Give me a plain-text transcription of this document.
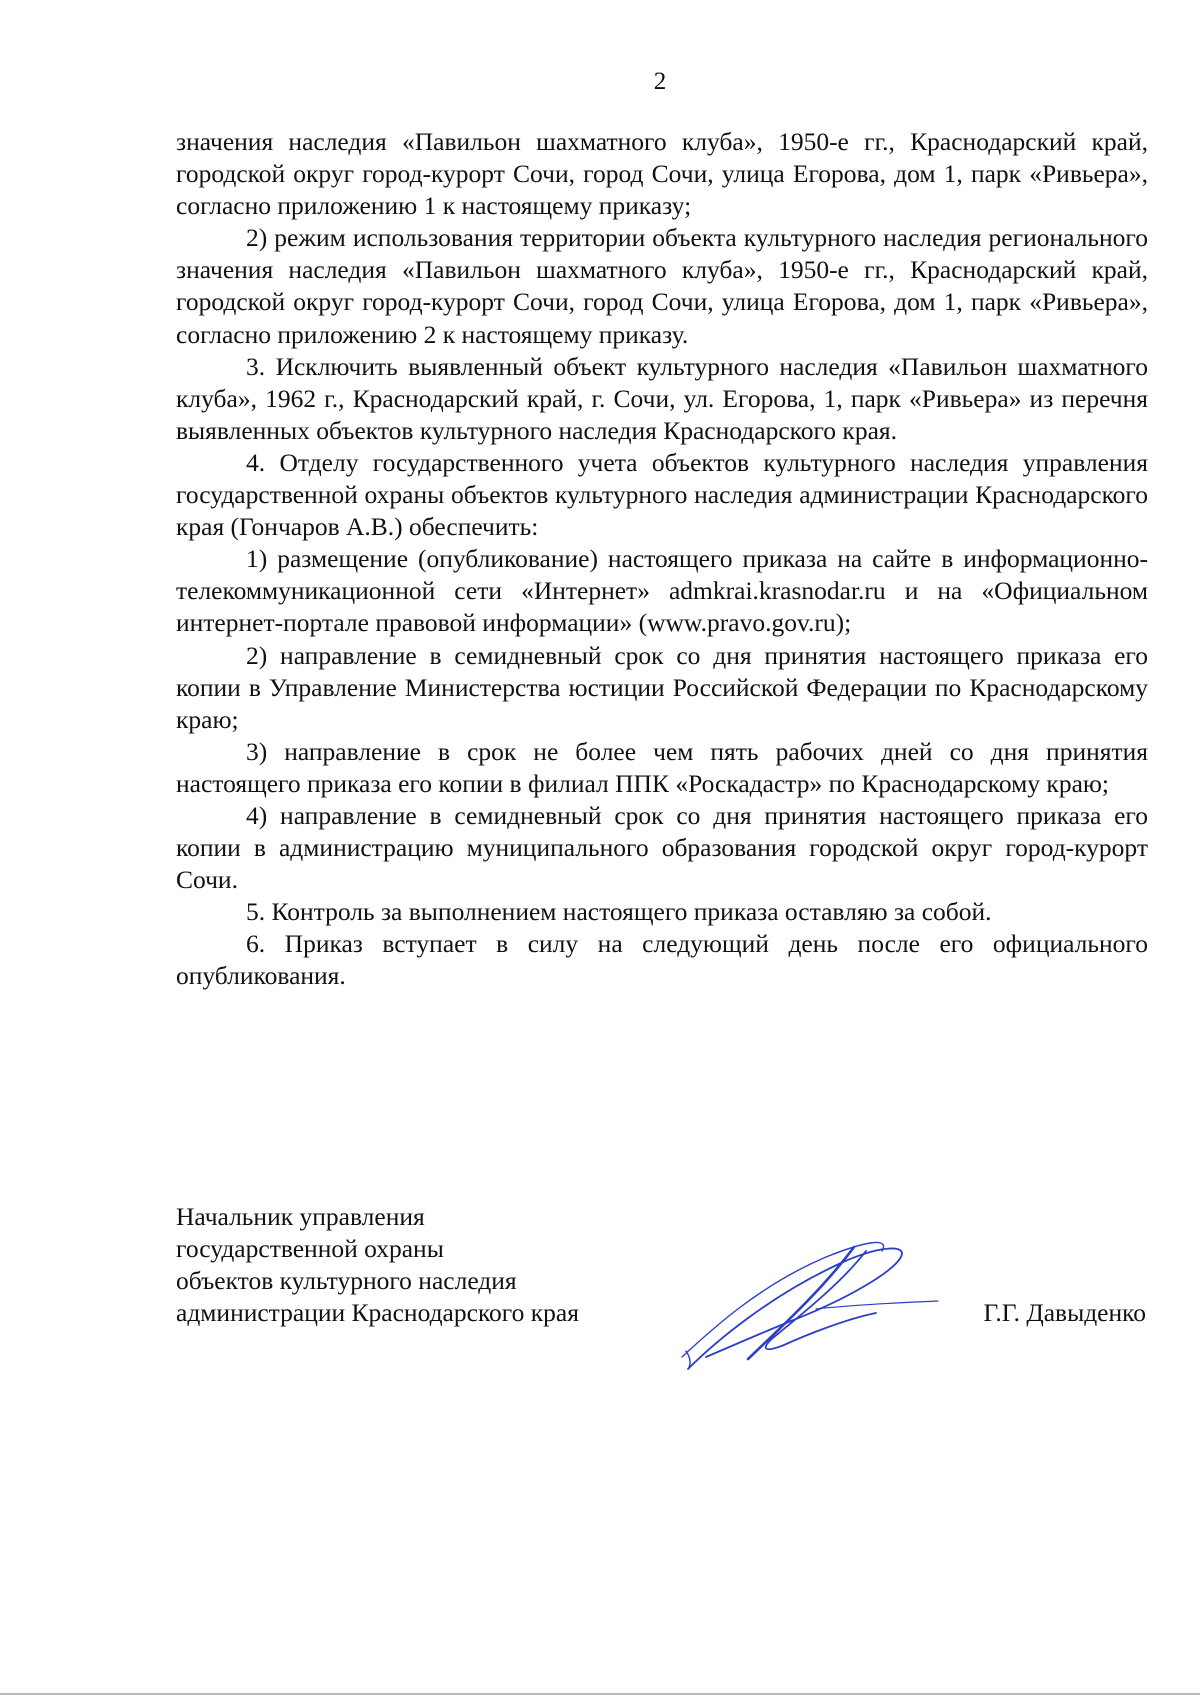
2

значения наследия «Павильон шахматного клуба», 1950-е гг., Краснодарский край, городской округ город-курорт Сочи, город Сочи, улица Егорова, дом 1, парк «Ривьера», согласно приложению 1 к настоящему приказу;

2) режим использования территории объекта культурного наследия регионального значения наследия «Павильон шахматного клуба», 1950-е гг., Краснодарский край, городской округ город-курорт Сочи, город Сочи, улица Егорова, дом 1, парк «Ривьера», согласно приложению 2 к настоящему приказу.

3. Исключить выявленный объект культурного наследия «Павильон шахматного клуба», 1962 г., Краснодарский край, г. Сочи, ул. Егорова, 1, парк «Ривьера» из перечня выявленных объектов культурного наследия Краснодарского края.

4. Отделу государственного учета объектов культурного наследия управления государственной охраны объектов культурного наследия администрации Краснодарского края (Гончаров А.В.) обеспечить:

1) размещение (опубликование) настоящего приказа на сайте в информационно-телекоммуникационной сети «Интернет» admkrai.krasnodar.ru и на «Официальном интернет-портале правовой информации» (www.pravo.gov.ru);

2) направление в семидневный срок со дня принятия настоящего приказа его копии в Управление Министерства юстиции Российской Федерации по Краснодарскому краю;

3) направление в срок не более чем пять рабочих дней со дня принятия настоящего приказа его копии в филиал ППК «Роскадастр» по Краснодарскому краю;

4) направление в семидневный срок со дня принятия настоящего приказа его копии в администрацию муниципального образования городской округ город-курорт Сочи.

5. Контроль за выполнением настоящего приказа оставляю за собой.

6. Приказ вступает в силу на следующий день после его официального опубликования.

Начальник управления
государственной охраны
объектов культурного наследия
администрации Краснодарского края	Г.Г. Давыденко
